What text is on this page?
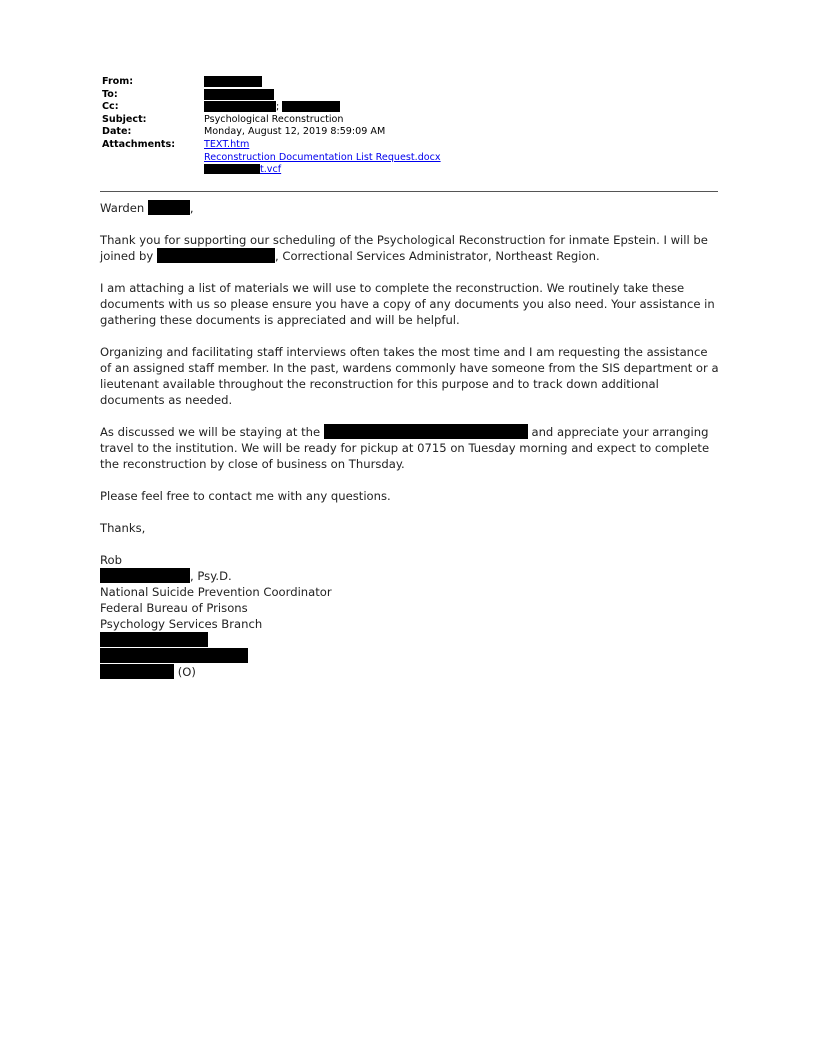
From:
To:
Cc:	;
Subject:	Psychological Reconstruction
Date:	Monday, August 12, 2019 8:59:09 AM
Attachments:	TEXT.htm
Reconstruction Documentation List Request.docx
t.vcf

Warden	,

Thank you for supporting our scheduling of the Psychological Reconstruction for inmate Epstein. I will be joined by	, Correctional Services Administrator, Northeast Region.

I am attaching a list of materials we will use to complete the reconstruction. We routinely take these documents with us so please ensure you have a copy of any documents you also need. Your assistance in gathering these documents is appreciated and will be helpful.

Organizing and facilitating staff interviews often takes the most time and I am requesting the assistance of an assigned staff member. In the past, wardens commonly have someone from the SIS department or a lieutenant available throughout the reconstruction for this purpose and to track down additional documents as needed.

As discussed we will be staying at the	and appreciate your arranging travel to the institution. We will be ready for pickup at 0715 on Tuesday morning and expect to complete the reconstruction by close of business on Thursday.

Please feel free to contact me with any questions.

Thanks,

Rob

, Psy.D.
National Suicide Prevention Coordinator
Federal Bureau of Prisons
Psychology Services Branch
(O)
